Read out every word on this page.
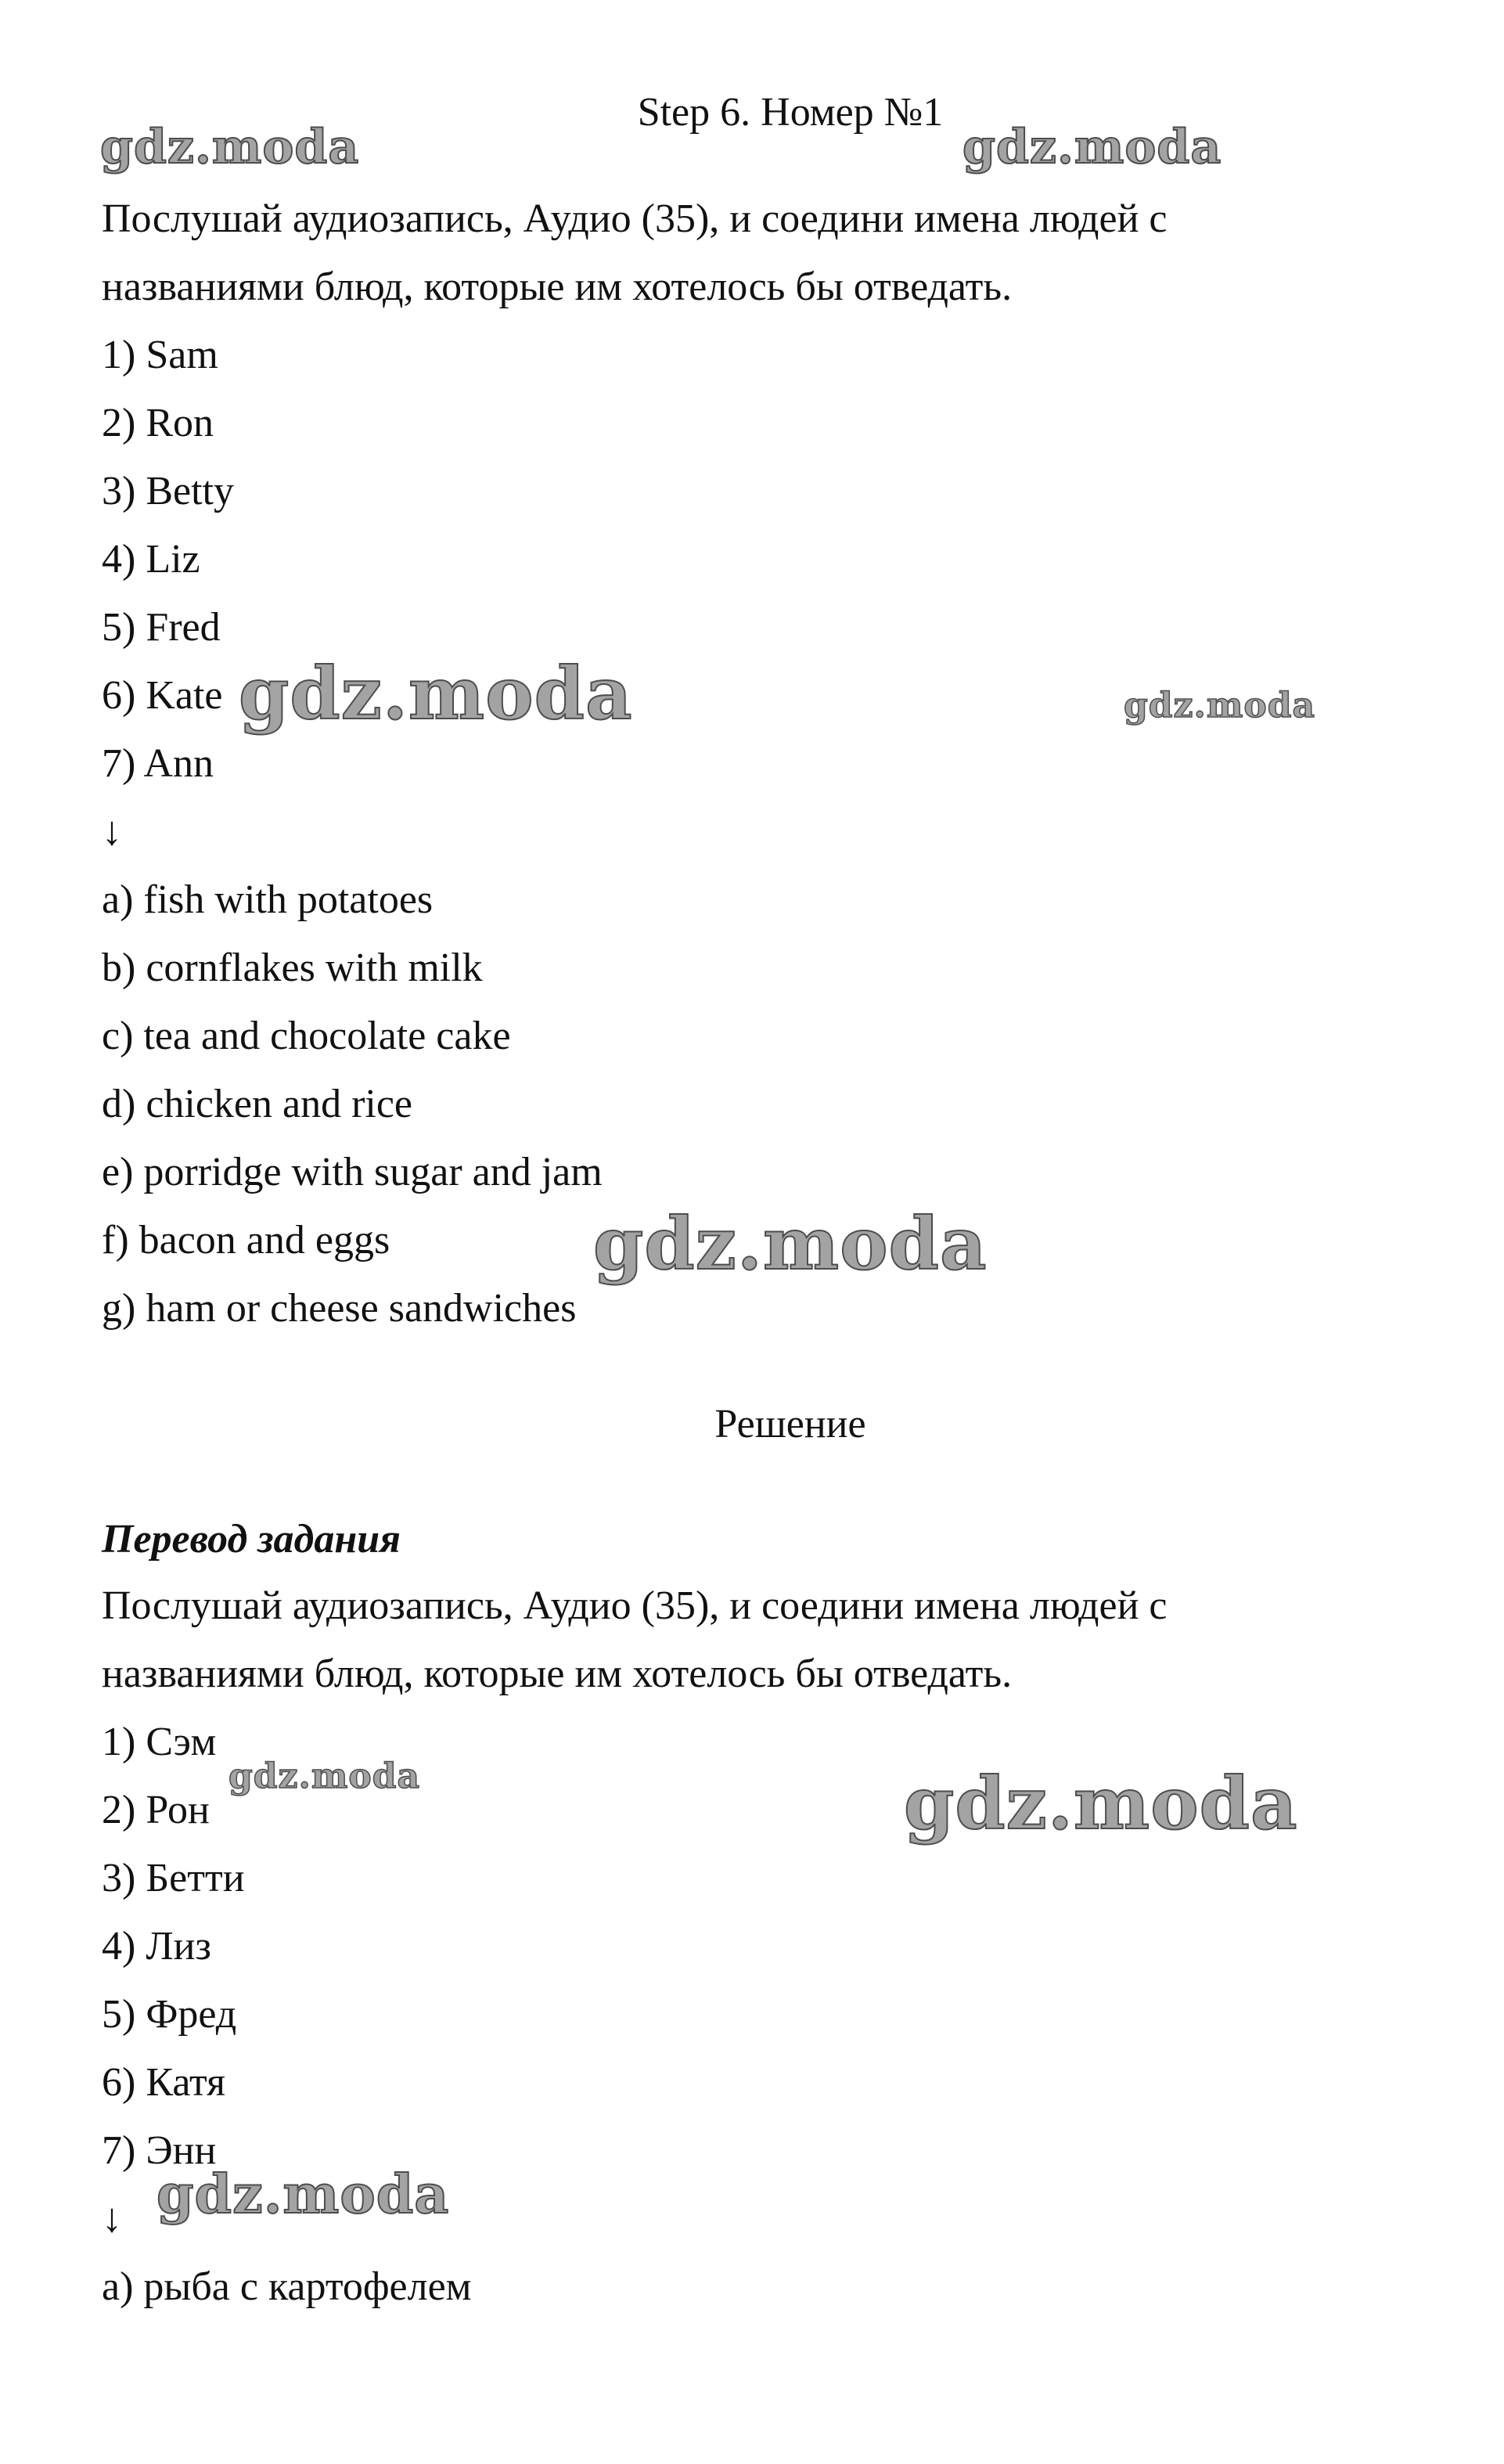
Step 6. Номер №1
Послушай аудиозапись, Аудио (35), и соедини имена людей с
названиями блюд, которые им хотелось бы отведать.
1) Sam
2) Ron
3) Betty
4) Liz
5) Fred
6) Kate
7) Ann
↓
a) fish with potatoes
b) cornflakes with milk
c) tea and chocolate cake
d) chicken and rice
e) porridge with sugar and jam
f) bacon and eggs
g) ham or cheese sandwiches
Решение
Перевод задания
Послушай аудиозапись, Аудио (35), и соедини имена людей с
названиями блюд, которые им хотелось бы отведать.
1) Сэм
2) Рон
3) Бетти
4) Лиз
5) Фред
6) Катя
7) Энн
↓
a) рыба с картофелем
gdz.moda	gdz.moda
gdz.moda	gdz.moda
gdz.moda
gdz.moda	gdz.moda
gdz.moda
